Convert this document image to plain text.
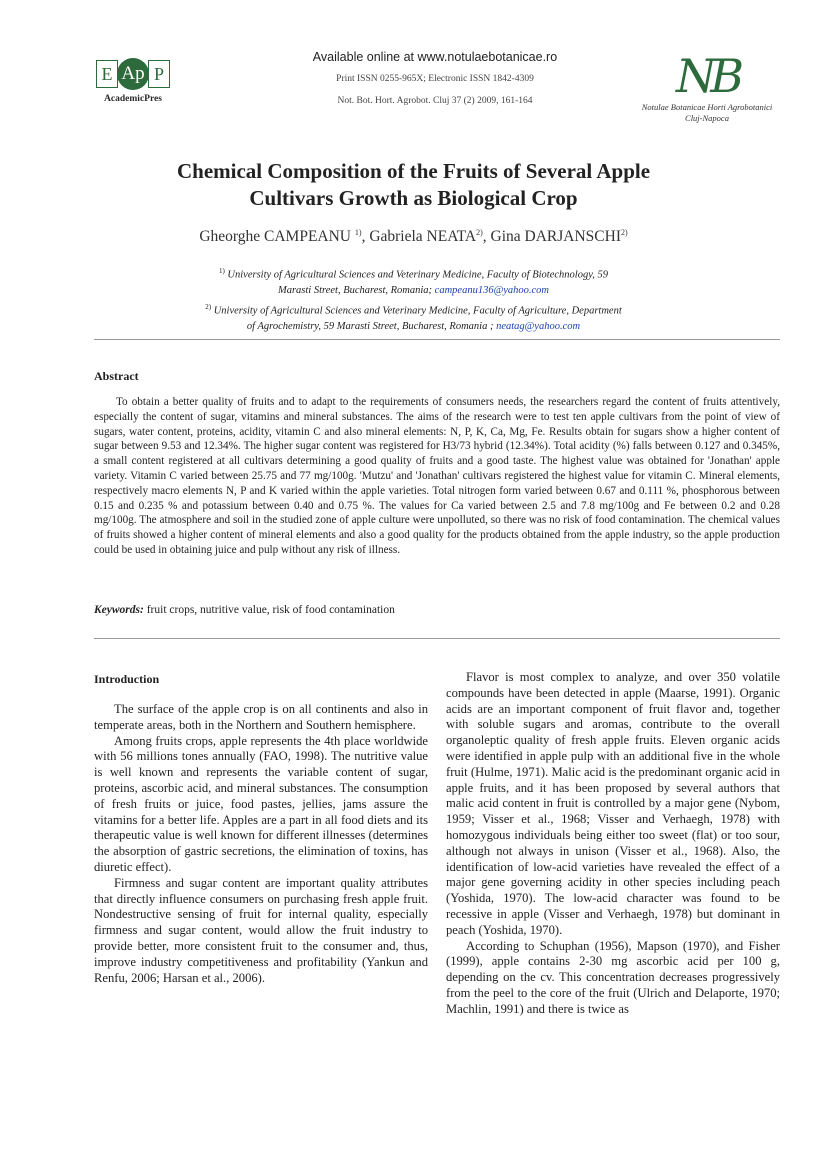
E Ap P
AcademicPres
Available online at www.notulaebotanicae.ro
Print ISSN 0255-965X; Electronic ISSN 1842-4309
Not. Bot. Hort. Agrobot. Cluj 37 (2) 2009, 161-164	NB
Notulae Botanicae Horti Agrobotanici
Cluj-Napoca
Chemical Composition of the Fruits of Several Apple
Cultivars Growth as Biological Crop
Gheorghe CAMPEANU $^{1)}$, Gabriela NEATA$^{2)}$, Gina DARJANSCHI$^{2)}$
$^{1)}$ University of Agricultural Sciences and Veterinary Medicine, Faculty of Biotechnology, 59
Marasti Street, Bucharest, Romania; campeanu136@yahoo.com
$^{2)}$ University of Agricultural Sciences and Veterinary Medicine, Faculty of Agriculture, Department
of Agrochemistry, 59 Marasti Street, Bucharest, Romania ; neatag@yahoo.com
Abstract
To obtain a better quality of fruits and to adapt to the requirements of consumers needs, the researchers regard the content of fruits attentively, especially the content of sugar, vitamins and mineral substances. The aims of the research were to test ten apple cultivars from the point of view of sugars, water content, proteins, acidity, vitamin C and also mineral elements: N, P, K, Ca, Mg, Fe. Results obtain for sugars show a higher content of sugar between 9.53 and 12.34%. The higher sugar content was registered for H3/73 hybrid (12.34%). Total acidity (%) falls between 0.127 and 0.345%, a small content registered at all cultivars determining a good quality of fruits and a good taste. The highest value was obtained for 'Jonathan' apple variety. Vitamin C varied between 25.75 and 77 mg/100g. 'Mutzu' and 'Jonathan' cultivars registered the highest value for vitamin C. Mineral elements, respectively macro elements N, P and K varied within the apple varieties. Total nitrogen form varied between 0.67 and 0.111 %, phosphorous between 0.15 and 0.235 % and potassium between 0.40 and 0.75 %. The values for Ca varied between 2.5 and 7.8 mg/100g and Fe between 0.2 and 0.28 mg/100g. The atmosphere and soil in the studied zone of apple culture were unpolluted, so there was no risk of food contamination. The chemical values of fruits showed a higher content of mineral elements and also a good quality for the products obtained from the apple industry, so the apple production could be used in obtaining juice and pulp without any risk of illness.
Keywords: fruit crops, nutritive value, risk of food contamination
Introduction

The surface of the apple crop is on all continents and also in temperate areas, both in the Northern and Southern hemisphere.

Among fruits crops, apple represents the 4th place worldwide with 56 millions tones annually (FAO, 1998). The nutritive value is well known and represents the variable content of sugar, proteins, ascorbic acid, and mineral substances. The consumption of fresh fruits or juice, food pastes, jellies, jams assure the vitamins for a better life. Apples are a part in all food diets and its therapeutic value is well known for different illnesses (determines the absorption of gastric secretions, the elimination of toxins, has diuretic effect).

Firmness and sugar content are important quality attributes that directly influence consumers on purchasing fresh apple fruit. Nondestructive sensing of fruit for internal quality, especially firmness and sugar content, would allow the fruit industry to provide better, more consistent fruit to the consumer and, thus, improve industry competitiveness and profitability (Yankun and Renfu, 2006; Harsan et al., 2006).

Flavor is most complex to analyze, and over 350 volatile compounds have been detected in apple (Maarse, 1991). Organic acids are an important component of fruit flavor and, together with soluble sugars and aromas, contribute to the overall organoleptic quality of fresh apple fruits. Eleven organic acids were identified in apple pulp with an additional five in the whole fruit (Hulme, 1971). Malic acid is the predominant organic acid in apple fruits, and it has been proposed by several authors that malic acid content in fruit is controlled by a major gene (Nybom, 1959; Visser et al., 1968; Visser and Verhaegh, 1978) with homozygous individuals being either too sweet (flat) or too sour, although not always in unison (Visser et al., 1968). Also, the identification of low-acid varieties have revealed the effect of a major gene governing acidity in other species including peach (Yoshida, 1970). The low-acid character was found to be recessive in apple (Visser and Verhaegh, 1978) but dominant in peach (Yoshida, 1970).

According to Schuphan (1956), Mapson (1970), and Fisher (1999), apple contains 2-30 mg ascorbic acid per 100 g, depending on the cv. This concentration decreases progressively from the peel to the core of the fruit (Ulrich and Delaporte, 1970; Machlin, 1991) and there is twice as
